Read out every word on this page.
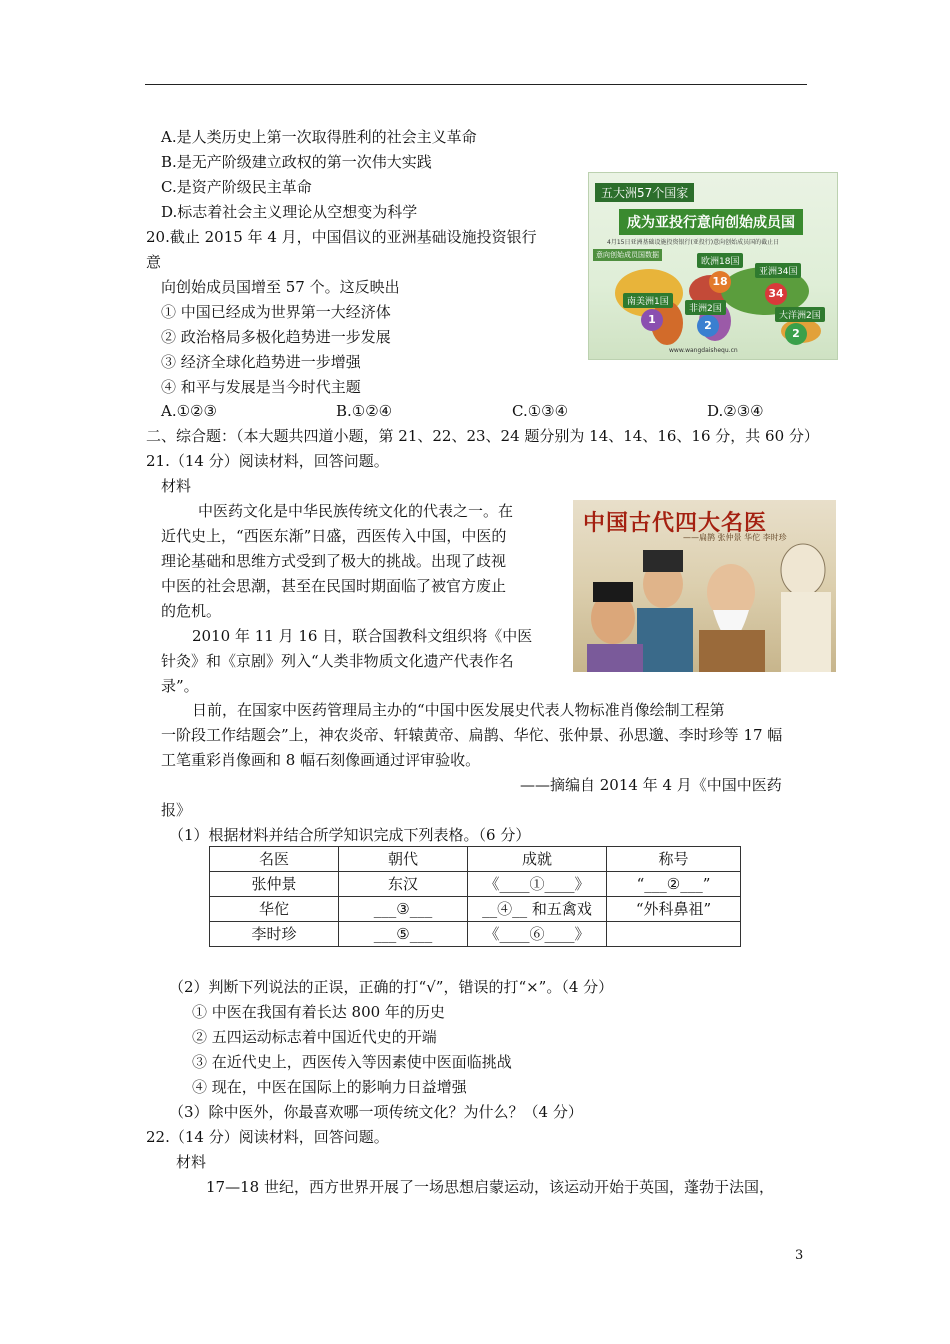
A.是人类历史上第一次取得胜利的社会主义革命
B.是无产阶级建立政权的第一次伟大实践
C.是资产阶级民主革命
D.标志着社会主义理论从空想变为科学
20.截止 2015 年 4 月，中国倡议的亚洲基础设施投资银行
意
向创始成员国增至 57 个。这反映出
① 中国已经成为世界第一大经济体
② 政治格局多极化趋势进一步发展
③ 经济全球化趋势进一步增强
④ 和平与发展是当今时代主题
A.①②③	B.①②④	C.①③④	D.②③④
五大洲57个国家
成为亚投行意向创始成员国
4月15日亚洲基础设施投资银行(亚投行)意向创始成员国的截止日
意向创始成员国数据
欧洲18国
亚洲34国
南美洲1国
非洲2国
大洋洲2国
18
34
1	2
2
www.wangdaishequ.cn
二、综合题：（本大题共四道小题，第 21、22、23、24 题分别为 14、14、16、16 分，共 60 分）
21.（14 分）阅读材料，回答问题。
材料
中医药文化是中华民族传统文化的代表之一。在
近代史上，“西医东渐”日盛，西医传入中国，中医的
理论基础和思维方式受到了极大的挑战。出现了歧视
中医的社会思潮，甚至在民国时期面临了被官方废止
的危机。
2010 年 11 月 16 日，联合国教科文组织将《中医
针灸》和《京剧》列入“人类非物质文化遗产代表作名
录”。
日前，在国家中医药管理局主办的“中国中医发展史代表人物标准肖像绘制工程第
一阶段工作结题会”上，神农炎帝、轩辕黄帝、扁鹊、华佗、张仲景、孙思邈、李时珍等 17 幅
工笔重彩肖像画和 8 幅石刻像画通过评审验收。
——摘编自 2014 年 4 月《中国中医药
报》
中国古代四大名医
——扁鹊 张仲景 华佗 李时珍
（1）根据材料并结合所学知识完成下列表格。（6 分）
名医	朝代	成就	称号
张仲景	东汉	《____①____》	“___②___”
华佗	___③___	__④__ 和五禽戏	“外科鼻祖”
李时珍	___⑤___	《____⑥____》	
（2）判断下列说法的正误，正确的打“√”，错误的打“×”。（4 分）
① 中医在我国有着长达 800 年的历史
② 五四运动标志着中国近代史的开端
③ 在近代史上，西医传入等因素使中医面临挑战
④ 现在，中医在国际上的影响力日益增强
（3）除中医外，你最喜欢哪一项传统文化？为什么？（4 分）
22.（14 分）阅读材料，回答问题。
材料
17—18 世纪，西方世界开展了一场思想启蒙运动，该运动开始于英国，蓬勃于法国，
3
